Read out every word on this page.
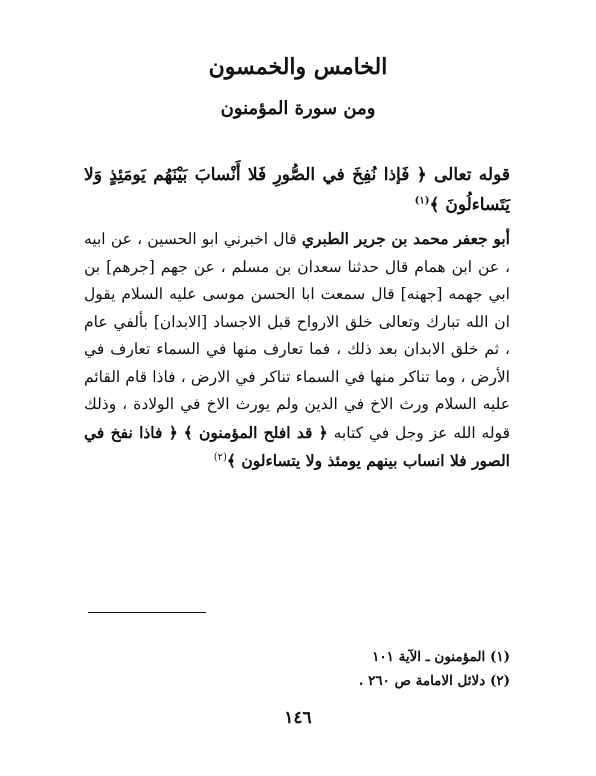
الخامس والخمسون
ومن سورة المؤمنون
قوله تعالى ﴿ فَإذا نُفِخَ في الصُّورِ فَلا أَنْسابَ بَيْنَهُم يَومَئِذٍ وَلا يَتَساءلُونَ ﴾$^{(١)}$

أبو جعفر محمد بن جرير الطبري قال اخبرني ابو الحسين ، عن ابيه ، عن ابن همام قال حدثنا سعدان بن مسلم ، عن جهم [جرهم] بن ابي جهمه [جهنه] قال سمعت ابا الحسن موسى عليه السلام يقول ان الله تبارك وتعالى خلق الارواح قبل الاجساد [الابدان] بألفي عام ، ثم خلق الابدان بعد ذلك ، فما تعارف منها في السماء تعارف في الأرض ، وما تناكر منها في السماء تناكر في الارض ، فاذا قام القائم عليه السلام ورث الاخ في الدين ولم يورث الاخ في الولادة ، وذلك قوله الله عز وجل في كتابه ﴿ قد افلح المؤمنون ﴾ ﴿ فاذا نفخ في الصور فلا انساب بينهم يومئذ ولا يتساءلون ﴾$^{(٢)}$

(١) المؤمنون ـ الآية ١٠١
(٢) دلائل الامامة ص ٢٦٠ .
١٤٦
